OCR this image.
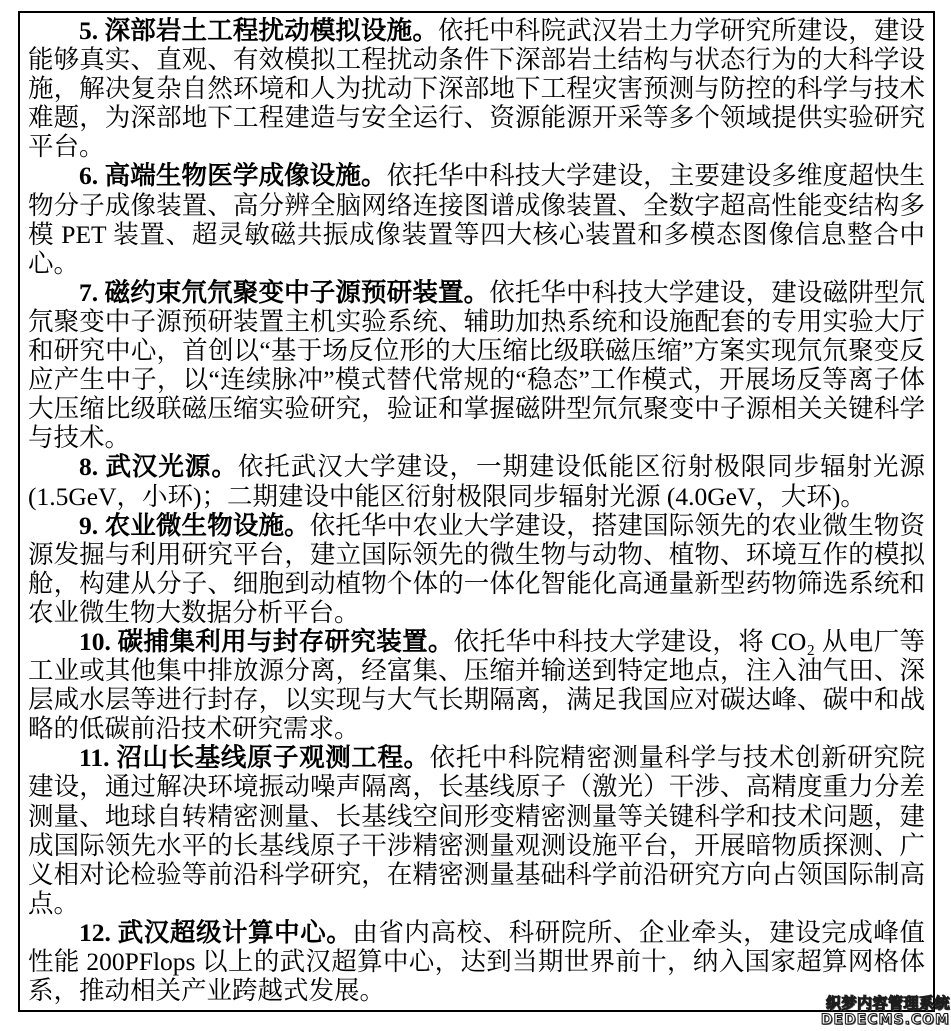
5. 深部岩土工程扰动模拟设施。依托中科院武汉岩土力学研究所建设，建设能够真实、直观、有效模拟工程扰动条件下深部岩土结构与状态行为的大科学设施，解决复杂自然环境和人为扰动下深部地下工程灾害预测与防控的科学与技术难题，为深部地下工程建造与安全运行、资源能源开采等多个领域提供实验研究平台。

6. 高端生物医学成像设施。依托华中科技大学建设，主要建设多维度超快生物分子成像装置、高分辨全脑网络连接图谱成像装置、全数字超高性能变结构多模 PET 装置、超灵敏磁共振成像装置等四大核心装置和多模态图像信息整合中心。

7. 磁约束氘氘聚变中子源预研装置。依托华中科技大学建设，建设磁阱型氘氘聚变中子源预研装置主机实验系统、辅助加热系统和设施配套的专用实验大厅和研究中心，首创以“基于场反位形的大压缩比级联磁压缩”方案实现氘氘聚变反应产生中子，以“连续脉冲”模式替代常规的“稳态”工作模式，开展场反等离子体大压缩比级联磁压缩实验研究，验证和掌握磁阱型氘氘聚变中子源相关关键科学与技术。

8. 武汉光源。依托武汉大学建设，一期建设低能区衍射极限同步辐射光源(1.5GeV，小环)；二期建设中能区衍射极限同步辐射光源 (4.0GeV，大环)。

9. 农业微生物设施。依托华中农业大学建设，搭建国际领先的农业微生物资源发掘与利用研究平台，建立国际领先的微生物与动物、植物、环境互作的模拟舱，构建从分子、细胞到动植物个体的一体化智能化高通量新型药物筛选系统和农业微生物大数据分析平台。

10. 碳捕集利用与封存研究装置。依托华中科技大学建设，将 CO₂ 从电厂等工业或其他集中排放源分离，经富集、压缩并输送到特定地点，注入油气田、深层咸水层等进行封存，以实现与大气长期隔离，满足我国应对碳达峰、碳中和战略的低碳前沿技术研究需求。

11. 沼山长基线原子观测工程。依托中科院精密测量科学与技术创新研究院建设，通过解决环境振动噪声隔离，长基线原子（激光）干涉、高精度重力分差测量、地球自转精密测量、长基线空间形变精密测量等关键科学和技术问题，建成国际领先水平的长基线原子干涉精密测量观测设施平台，开展暗物质探测、广义相对论检验等前沿科学研究，在精密测量基础科学前沿研究方向占领国际制高点。

12. 武汉超级计算中心。由省内高校、科研院所、企业牵头，建设完成峰值性能 200PFlops 以上的武汉超算中心，达到当期世界前十，纳入国家超算网格体系，推动相关产业跨越式发展。	织梦内容管理系统
DEDECMS.COM
